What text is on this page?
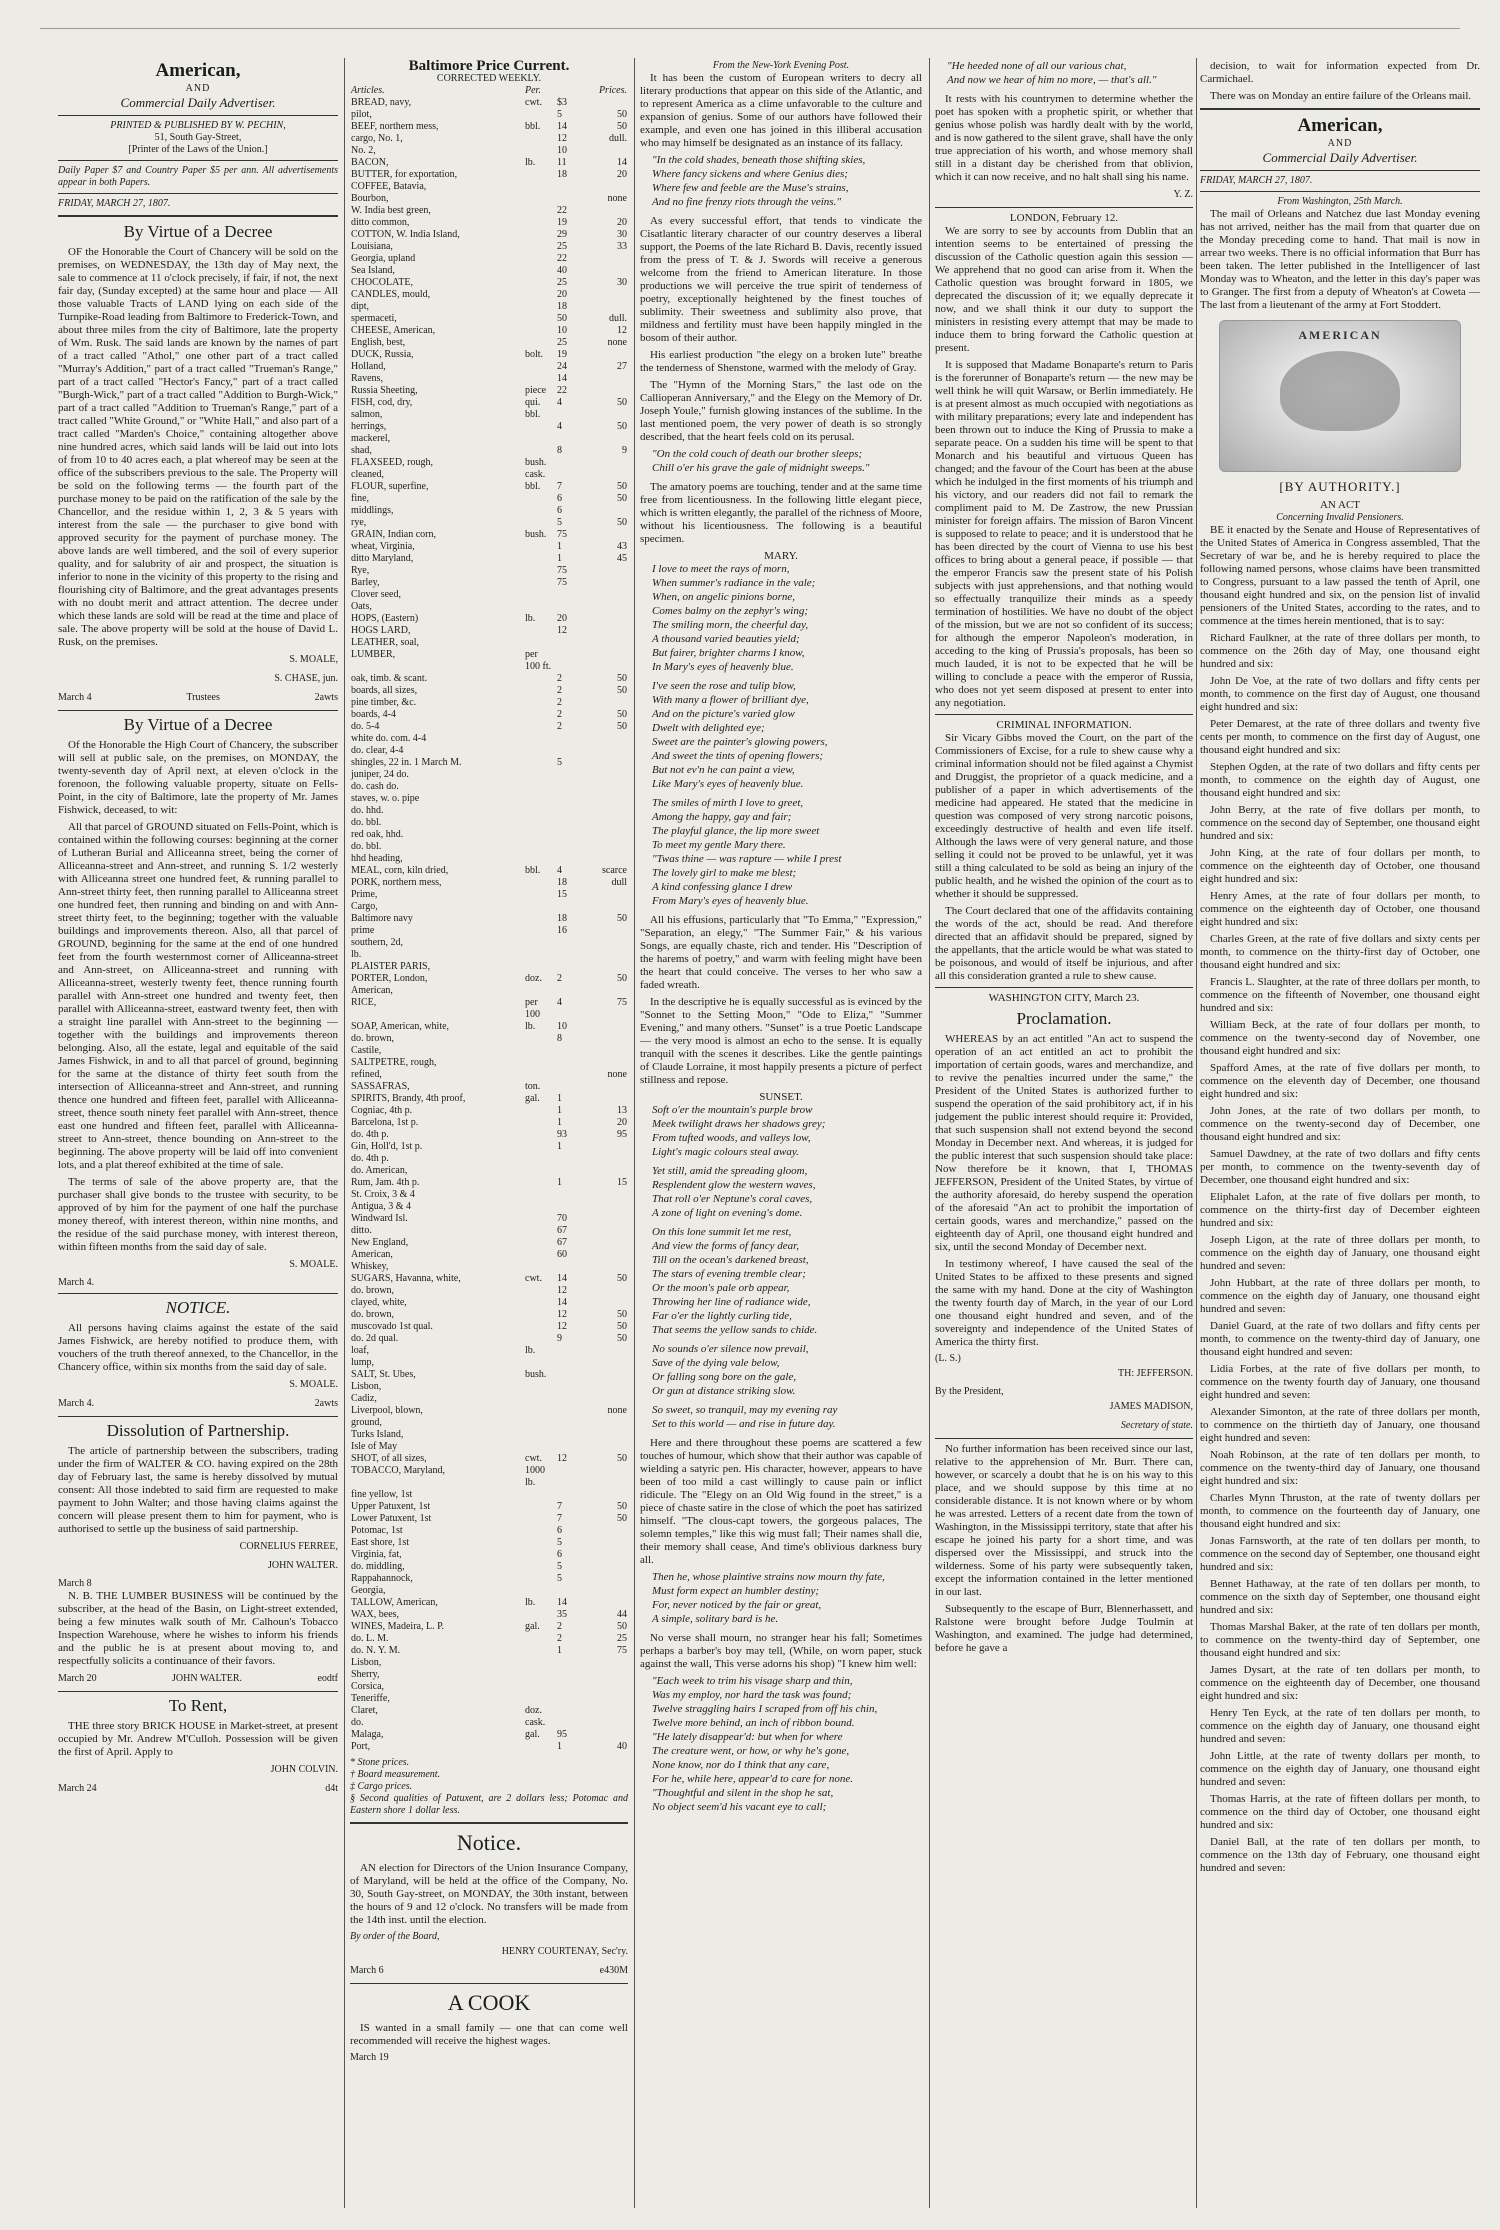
American,
AND
Commercial Daily Advertiser.
PRINTED & PUBLISHED BY W. PECHIN,
51, South Gay-Street,
[Printer of the Laws of the Union.]
Daily Paper $7 and Country Paper $5 per ann. All advertisements appear in both Papers.
FRIDAY, MARCH 27, 1807.
By Virtue of a Decree

OF the Honorable the Court of Chancery will be sold on the premises, on WEDNESDAY, the 13th day of May next, the sale to commence at 11 o'clock precisely, if fair, if not, the next fair day, (Sunday excepted) at the same hour and place — All those valuable Tracts of LAND lying on each side of the Turnpike-Road leading from Baltimore to Frederick-Town, and about three miles from the city of Baltimore, late the property of Wm. Rusk. The said lands are known by the names of part of a tract called "Athol," one other part of a tract called "Murray's Addition," part of a tract called "Trueman's Range," part of a tract called "Hector's Fancy," part of a tract called "Burgh-Wick," part of a tract called "Addition to Burgh-Wick," part of a tract called "Addition to Trueman's Range," part of a tract called "White Ground," or "White Hall," and also part of a tract called "Marden's Choice," containing altogether above nine hundred acres, which said lands will be laid out into lots of from 10 to 40 acres each, a plat whereof may be seen at the office of the subscribers previous to the sale. The Property will be sold on the following terms — the fourth part of the purchase money to be paid on the ratification of the sale by the Chancellor, and the residue within 1, 2, 3 & 5 years with interest from the sale — the purchaser to give bond with approved security for the payment of purchase money. The above lands are well timbered, and the soil of every superior quality, and for salubrity of air and prospect, the situation is inferior to none in the vicinity of this property to the rising and flourishing city of Baltimore, and the great advantages presents with no doubt merit and attract attention. The decree under which these lands are sold will be read at the time and place of sale. The above property will be sold at the house of David L. Rusk, on the premises.

S. MOALE,
S. CHASE, jun.
March 4	Trustees	2awts
By Virtue of a Decree

Of the Honorable the High Court of Chancery, the subscriber will sell at public sale, on the premises, on MONDAY, the twenty-seventh day of April next, at eleven o'clock in the forenoon, the following valuable property, situate on Fells-Point, in the city of Baltimore, late the property of Mr. James Fishwick, deceased, to wit:

All that parcel of GROUND situated on Fells-Point, which is contained within the following courses: beginning at the corner of Lutheran Burial and Alliceanna street, being the corner of Alliceanna-street and Ann-street, and running S. 1/2 westerly with Alliceanna street one hundred feet, & running parallel to Ann-street thirty feet, then running parallel to Alliceanna street one hundred feet, then running and binding on and with Ann-street thirty feet, to the beginning; together with the valuable buildings and improvements thereon. Also, all that parcel of GROUND, beginning for the same at the end of one hundred feet from the fourth westernmost corner of Alliceanna-street and Ann-street, on Alliceanna-street and running with Alliceanna-street, westerly twenty feet, thence running fourth parallel with Ann-street one hundred and twenty feet, then parallel with Alliceanna-street, eastward twenty feet, then with a straight line parallel with Ann-street to the beginning — together with the buildings and improvements thereon belonging. Also, all the estate, legal and equitable of the said James Fishwick, in and to all that parcel of ground, beginning for the same at the distance of thirty feet south from the intersection of Alliceanna-street and Ann-street, and running thence one hundred and fifteen feet, parallel with Alliceanna-street, thence south ninety feet parallel with Ann-street, thence east one hundred and fifteen feet, parallel with Alliceanna-street to Ann-street, thence bounding on Ann-street to the beginning. The above property will be laid off into convenient lots, and a plat thereof exhibited at the time of sale.

The terms of sale of the above property are, that the purchaser shall give bonds to the trustee with security, to be approved of by him for the payment of one half the purchase money thereof, with interest thereon, within nine months, and the residue of the said purchase money, with interest thereon, within fifteen months from the said day of sale.

S. MOALE.
March 4.
NOTICE.

All persons having claims against the estate of the said James Fishwick, are hereby notified to produce them, with vouchers of the truth thereof annexed, to the Chancellor, in the Chancery office, within six months from the said day of sale.

S. MOALE.
March 4.	2awts
Dissolution of Partnership.

The article of partnership between the subscribers, trading under the firm of WALTER & CO. having expired on the 28th day of February last, the same is hereby dissolved by mutual consent: All those indebted to said firm are requested to make payment to John Walter; and those having claims against the concern will please present them to him for payment, who is authorised to settle up the business of said partnership.

CORNELIUS FERREE,
JOHN WALTER.
March 8

N. B. THE LUMBER BUSINESS will be continued by the subscriber, at the head of the Basin, on Light-street extended, being a few minutes walk south of Mr. Calhoun's Tobacco Inspection Warehouse, where he wishes to inform his friends and the public he is at present about moving to, and respectfully solicits a continuance of their favors.

March 20	JOHN WALTER.	eodtf
To Rent,

THE three story BRICK HOUSE in Market-street, at present occupied by Mr. Andrew M'Culloh. Possession will be given the first of April. Apply to

JOHN COLVIN.
March 24	d4t
Baltimore Price Current.
CORRECTED WEEKLY.
Articles.	Per.	Prices.	
BREAD, navy,	cwt.	$3	
pilot,		5	50
BEEF, northern mess,	bbl.	14	50
cargo, No. 1,		12	dull.
No. 2,		10	
BACON,	lb.	11	14
BUTTER, for exportation,		18	20
COFFEE, Batavia,			
Bourbon,			none
W. India best green,		22	
ditto common,		19	20
COTTON, W. India Island,		29	30
Louisiana,		25	33
Georgia, upland		22	
Sea Island,		40	
CHOCOLATE,		25	30
CANDLES, mould,		20	
dipt,		18	
spermaceti,		50	dull.
CHEESE, American,		10	12
English, best,		25	none
DUCK, Russia,	bolt.	19	
Holland,		24	27
Ravens,		14	
Russia Sheeting,	piece	22	
FISH, cod, dry,	qui.	4	50
salmon,	bbl.		
herrings,		4	50
mackerel,			
shad,		8	9
FLAXSEED, rough,	bush.		
cleaned,	cask.		
FLOUR, superfine,	bbl.	7	50
fine,		6	50
middlings,		6	
rye,		5	50
GRAIN, Indian corn,	bush.	75	
wheat, Virginia,		1	43
ditto Maryland,		1	45
Rye,		75	
Barley,		75	
Clover seed,			
Oats,			
HOPS, (Eastern)	lb.	20	
HOGS LARD,		12	
LEATHER, soal,			
LUMBER,	per 100 ft.		
oak, timb. & scant.		2	50
boards, all sizes,		2	50
pine timber, &c.		2	
boards, 4-4		2	50
do. 5-4		2	50
white do. com. 4-4			
do. clear, 4-4			
shingles, 22 in. 1 March M.		5	
juniper, 24 do.			
do. cash do.			
staves, w. o. pipe			
do. hhd.			
do. bbl.			
red oak, hhd.			
do. bbl.			
hhd heading,			
MEAL, corn, kiln dried,	bbl.	4	scarce
PORK, northern mess,		18	dull
Prime,		15	
Cargo,			
Baltimore navy		18	50
prime		16	
southern, 2d,			
lb.			
PLAISTER PARIS,			
PORTER, London,	doz.	2	50
American,			
RICE,	per 100	4	75
SOAP, American, white,	lb.	10	
do. brown,		8	
Castile,			
SALTPETRE, rough,			
refined,			none
SASSAFRAS,	ton.		
SPIRITS, Brandy, 4th proof,	gal.	1	
Cogniac, 4th p.		1	13
Barcelona, 1st p.		1	20
do. 4th p.		93	95
Gin, Holl'd, 1st p.		1	
do. 4th p.			
do. American,			
Rum, Jam. 4th p.		1	15
St. Croix, 3 & 4			
Antigua, 3 & 4			
Windward Isl.		70	
ditto.		67	
New England,		67	
American,		60	
Whiskey,			
SUGARS, Havanna, white,	cwt.	14	50
do. brown,		12	
clayed, white,		14	
do. brown,		12	50
muscovado 1st qual.		12	50
do. 2d qual.		9	50
loaf,	lb.		
lump,			
SALT, St. Ubes,	bush.		
Lisbon,			
Cadiz,			
Liverpool, blown,			none
ground,			
Turks Island,			
Isle of May			
SHOT, of all sizes,	cwt.	12	50
TOBACCO, Maryland,	1000 lb.		
fine yellow, 1st			
Upper Patuxent, 1st		7	50
Lower Patuxent, 1st		7	50
Potomac, 1st		6	
East shore, 1st		5	
Virginia, fat,		6	
do. middling,		5	
Rappahannock,		5	
Georgia,			
TALLOW, American,	lb.	14	
WAX, bees,		35	44
WINES, Madeira, L. P.	gal.	2	50
do. L. M.		2	25
do. N. Y. M.		1	75
Lisbon,			
Sherry,			
Corsica,			
Teneriffe,			
Claret,	doz.		
do.	cask.		
Malaga,	gal.	95	
Port,		1	40
* Stone prices.
† Board measurement.
‡ Cargo prices.
§ Second qualities of Patuxent, are 2 dollars less; Potomac and Eastern shore 1 dollar less.
Notice.

AN election for Directors of the Union Insurance Company, of Maryland, will be held at the office of the Company, No. 30, South Gay-street, on MONDAY, the 30th instant, between the hours of 9 and 12 o'clock. No transfers will be made from the 14th inst. until the election.

By order of the Board,
HENRY COURTENAY, Sec'ry.
March 6	e430M
A COOK

IS wanted in a small family — one that can come well recommended will receive the highest wages.

March 19
From the New-York Evening Post.

It has been the custom of European writers to decry all literary productions that appear on this side of the Atlantic, and to represent America as a clime unfavorable to the culture and expansion of genius. Some of our authors have followed their example, and even one has joined in this illiberal accusation who may himself be designated as an instance of its fallacy.

"In the cold shades, beneath those shifting skies,

Where fancy sickens and where Genius dies;

Where few and feeble are the Muse's strains,

And no fine frenzy riots through the veins."

As every successful effort, that tends to vindicate the Cisatlantic literary character of our country deserves a liberal support, the Poems of the late Richard B. Davis, recently issued from the press of T. & J. Swords will receive a generous welcome from the friend to American literature. In those productions we will perceive the true spirit of tenderness of poetry, exceptionally heightened by the finest touches of sublimity. Their sweetness and sublimity also prove, that mildness and fertility must have been happily mingled in the bosom of their author.

His earliest production "the elegy on a broken lute" breathe the tenderness of Shenstone, warmed with the melody of Gray.

The "Hymn of the Morning Stars," the last ode on the Callioperan Anniversary," and the Elegy on the Memory of Dr. Joseph Youle," furnish glowing instances of the sublime. In the last mentioned poem, the very power of death is so strongly described, that the heart feels cold on its perusal.

"On the cold couch of death our brother sleeps;

Chill o'er his grave the gale of midnight sweeps."

The amatory poems are touching, tender and at the same time free from licentiousness. In the following little elegant piece, which is written elegantly, the parallel of the richness of Moore, without his licentiousness. The following is a beautiful specimen.

MARY.

I love to meet the rays of morn,

When summer's radiance in the vale;

When, on angelic pinions borne,

Comes balmy on the zephyr's wing;

The smiling morn, the cheerful day,

A thousand varied beauties yield;

But fairer, brighter charms I know,

In Mary's eyes of heavenly blue.

I've seen the rose and tulip blow,

With many a flower of brilliant dye,

And on the picture's varied glow

Dwelt with delighted eye;

Sweet are the painter's glowing powers,

And sweet the tints of opening flowers;

But not ev'n he can paint a view,

Like Mary's eyes of heavenly blue.

The smiles of mirth I love to greet,

Among the happy, gay and fair;

The playful glance, the lip more sweet

To meet my gentle Mary there.

"Twas thine — was rapture — while I prest

The lovely girl to make me blest;

A kind confessing glance I drew

From Mary's eyes of heavenly blue.

All his effusions, particularly that "To Emma," "Expression," "Separation, an elegy," "The Summer Fair," & his various Songs, are equally chaste, rich and tender. His "Description of the harems of poetry," and warm with feeling might have been the heart that could conceive. The verses to her who saw a faded wreath.

In the descriptive he is equally successful as is evinced by the "Sonnet to the Setting Moon," "Ode to Eliza," "Summer Evening," and many others. "Sunset" is a true Poetic Landscape — the very mood is almost an echo to the sense. It is equally tranquil with the scenes it describes. Like the gentle paintings of Claude Lorraine, it most happily presents a picture of perfect stillness and repose.

SUNSET.

Soft o'er the mountain's purple brow

Meek twilight draws her shadows grey;

From tufted woods, and valleys low,

Light's magic colours steal away.

Yet still, amid the spreading gloom,

Resplendent glow the western waves,

That roll o'er Neptune's coral caves,

A zone of light on evening's dome.

On this lone summit let me rest,

And view the forms of fancy dear,

Till on the ocean's darkened breast,

The stars of evening tremble clear;

Or the moon's pale orb appear,

Throwing her line of radiance wide,

Far o'er the lightly curling tide,

That seems the yellow sands to chide.

No sounds o'er silence now prevail,

Save of the dying vale below,

Or falling song bore on the gale,

Or gun at distance striking slow.

So sweet, so tranquil, may my evening ray

Set to this world — and rise in future day.

Here and there throughout these poems are scattered a few touches of humour, which show that their author was capable of wielding a satyric pen. His character, however, appears to have been of too mild a cast willingly to cause pain or inflict ridicule. The "Elegy on an Old Wig found in the street," is a piece of chaste satire in the close of which the poet has satirized himself. "The clous-capt towers, the gorgeous palaces, The solemn temples," like this wig must fall; Their names shall die, their memory shall cease, And time's oblivious darkness bury all.

Then he, whose plaintive strains now mourn thy fate,

Must form expect an humbler destiny;

For, never noticed by the fair or great,

A simple, solitary bard is he.

No verse shall mourn, no stranger hear his fall; Sometimes perhaps a barber's boy may tell, (While, on worn paper, stuck against the wall, This verse adorns his shop) "I knew him well:

"Each week to trim his visage sharp and thin,

Was my employ, nor hard the task was found;

Twelve straggling hairs I scraped from off his chin,

Twelve more behind, an inch of ribbon bound.

"He lately disappear'd: but when for where

The creature went, or how, or why he's gone,

None know, nor do I think that any care,

For he, while here, appear'd to care for none.

"Thoughtful and silent in the shop he sat,

No object seem'd his vacant eye to call;

"He heeded none of all our various chat,

And now we hear of him no more, — that's all."

It rests with his countrymen to determine whether the poet has spoken with a prophetic spirit, or whether that genius whose polish was hardly dealt with by the world, and is now gathered to the silent grave, shall have the only true appreciation of his worth, and whose memory shall still in a distant day be cherished from that oblivion, which it can now receive, and no halt shall sing his name.

Y. Z.
LONDON, February 12.

We are sorry to see by accounts from Dublin that an intention seems to be entertained of pressing the discussion of the Catholic question again this session — We apprehend that no good can arise from it. When the Catholic question was brought forward in 1805, we deprecated the discussion of it; we equally deprecate it now, and we shall think it our duty to support the ministers in resisting every attempt that may be made to induce them to bring forward the Catholic question at present.

It is supposed that Madame Bonaparte's return to Paris is the forerunner of Bonaparte's return — the new may be well think he will quit Warsaw, or Berlin immediately. He is at present almost as much occupied with negotiations as with military preparations; every late and independent has been thrown out to induce the King of Prussia to make a separate peace. On a sudden his time will be spent to that Monarch and his beautiful and virtuous Queen has changed; and the favour of the Court has been at the abuse which he indulged in the first moments of his triumph and his victory, and our readers did not fail to remark the compliment paid to M. De Zastrow, the new Prussian minister for foreign affairs. The mission of Baron Vincent is supposed to relate to peace; and it is understood that he has been directed by the court of Vienna to use his best offices to bring about a general peace, if possible — that the emperor Francis saw the present state of his Polish subjects with just apprehensions, and that nothing would so effectually tranquilize their minds as a speedy termination of hostilities. We have no doubt of the object of the mission, but we are not so confident of its success; for although the emperor Napoleon's moderation, in acceding to the king of Prussia's proposals, has been so much lauded, it is not to be expected that he will be willing to conclude a peace with the emperor of Russia, who does not yet seem disposed at present to enter into any negotiation.

CRIMINAL INFORMATION.

Sir Vicary Gibbs moved the Court, on the part of the Commissioners of Excise, for a rule to shew cause why a criminal information should not be filed against a Chymist and Druggist, the proprietor of a quack medicine, and a publisher of a paper in which advertisements of the medicine had appeared. He stated that the medicine in question was composed of very strong narcotic poisons, exceedingly destructive of health and even life itself. Although the laws were of very general nature, and those selling it could not be proved to be unlawful, yet it was still a thing calculated to be sold as being an injury of the public health, and he wished the opinion of the court as to whether it should be suppressed.

The Court declared that one of the affidavits containing the words of the act, should be read. And therefore directed that an affidavit should be prepared, signed by the appellants, that the article would be what was stated to be poisonous, and would of itself be injurious, and after all this consideration granted a rule to shew cause.

WASHINGTON CITY, March 23.
Proclamation.

WHEREAS by an act entitled "An act to suspend the operation of an act entitled an act to prohibit the importation of certain goods, wares and merchandize, and to revive the penalties incurred under the same," the President of the United States is authorized further to suspend the operation of the said prohibitory act, if in his judgement the public interest should require it: Provided, that such suspension shall not extend beyond the second Monday in December next. And whereas, it is judged for the public interest that such suspension should take place: Now therefore be it known, that I, THOMAS JEFFERSON, President of the United States, by virtue of the authority aforesaid, do hereby suspend the operation of the aforesaid "An act to prohibit the importation of certain goods, wares and merchandize," passed on the eighteenth day of April, one thousand eight hundred and six, until the second Monday of December next.

In testimony whereof, I have caused the seal of the United States to be affixed to these presents and signed the same with my hand. Done at the city of Washington the twenty fourth day of March, in the year of our Lord one thousand eight hundred and seven, and of the sovereignty and independence of the United States of America the thirty first.

(L. S.)
TH: JEFFERSON.
By the President,
JAMES MADISON,
Secretary of state.

No further information has been received since our last, relative to the apprehension of Mr. Burr. There can, however, or scarcely a doubt that he is on his way to this place, and we should suppose by this time at no considerable distance. It is not known where or by whom he was arrested. Letters of a recent date from the town of Washington, in the Mississippi territory, state that after his escape he joined his party for a short time, and was dispersed over the Mississippi, and struck into the wilderness. Some of his party were subsequently taken, except the information contained in the letter mentioned in our last.

Subsequently to the escape of Burr, Blennerhassett, and Ralstone were brought before Judge Toulmin at Washington, and examined. The judge had determined, before he gave a

decision, to wait for information expected from Dr. Carmichael.

There was on Monday an entire failure of the Orleans mail.

American,
AND
Commercial Daily Advertiser.
FRIDAY, MARCH 27, 1807.
From Washington, 25th March.

The mail of Orleans and Natchez due last Monday evening has not arrived, neither has the mail from that quarter due on the Monday preceding come to hand. That mail is now in arrear two weeks. There is no official information that Burr has been taken. The letter published in the Intelligencer of last Monday was to Wheaton, and the letter in this day's paper was to Granger. The first from a deputy of Wheaton's at Coweta — The last from a lieutenant of the army at Fort Stoddert.

AMERICAN
[BY AUTHORITY.]
AN ACT
Concerning Invalid Pensioners.

BE it enacted by the Senate and House of Representatives of the United States of America in Congress assembled, That the Secretary of war be, and he is hereby required to place the following named persons, whose claims have been transmitted to Congress, pursuant to a law passed the tenth of April, one thousand eight hundred and six, on the pension list of invalid pensioners of the United States, according to the rates, and to commence at the times herein mentioned, that is to say:

Richard Faulkner, at the rate of three dollars per month, to commence on the 26th day of May, one thousand eight hundred and six:

John De Voe, at the rate of two dollars and fifty cents per month, to commence on the first day of August, one thousand eight hundred and six:

Peter Demarest, at the rate of three dollars and twenty five cents per month, to commence on the first day of August, one thousand eight hundred and six:

Stephen Ogden, at the rate of two dollars and fifty cents per month, to commence on the eighth day of August, one thousand eight hundred and six:

John Berry, at the rate of five dollars per month, to commence on the second day of September, one thousand eight hundred and six:

John King, at the rate of four dollars per month, to commence on the eighteenth day of October, one thousand eight hundred and six:

Henry Ames, at the rate of four dollars per month, to commence on the eighteenth day of October, one thousand eight hundred and six:

Charles Green, at the rate of five dollars and sixty cents per month, to commence on the thirty-first day of October, one thousand eight hundred and six:

Francis L. Slaughter, at the rate of three dollars per month, to commence on the fifteenth of November, one thousand eight hundred and six:

William Beck, at the rate of four dollars per month, to commence on the twenty-second day of November, one thousand eight hundred and six:

Spafford Ames, at the rate of five dollars per month, to commence on the eleventh day of December, one thousand eight hundred and six:

John Jones, at the rate of two dollars per month, to commence on the twenty-second day of December, one thousand eight hundred and six:

Samuel Dawdney, at the rate of two dollars and fifty cents per month, to commence on the twenty-seventh day of December, one thousand eight hundred and six:

Eliphalet Lafon, at the rate of five dollars per month, to commence on the thirty-first day of December eighteen hundred and six:

Joseph Ligon, at the rate of three dollars per month, to commence on the eighth day of January, one thousand eight hundred and seven:

John Hubbart, at the rate of three dollars per month, to commence on the eighth day of January, one thousand eight hundred and seven:

Daniel Guard, at the rate of two dollars and fifty cents per month, to commence on the twenty-third day of January, one thousand eight hundred and seven:

Lidia Forbes, at the rate of five dollars per month, to commence on the twenty fourth day of January, one thousand eight hundred and seven:

Alexander Simonton, at the rate of three dollars per month, to commence on the thirtieth day of January, one thousand eight hundred and seven:

Noah Robinson, at the rate of ten dollars per month, to commence on the twenty-third day of January, one thousand eight hundred and six:

Charles Mynn Thruston, at the rate of twenty dollars per month, to commence on the fourteenth day of January, one thousand eight hundred and six:

Jonas Farnsworth, at the rate of ten dollars per month, to commence on the second day of September, one thousand eight hundred and six:

Bennet Hathaway, at the rate of ten dollars per month, to commence on the sixth day of September, one thousand eight hundred and six:

Thomas Marshal Baker, at the rate of ten dollars per month, to commence on the twenty-third day of September, one thousand eight hundred and six:

James Dysart, at the rate of ten dollars per month, to commence on the eighteenth day of December, one thousand eight hundred and six:

Henry Ten Eyck, at the rate of ten dollars per month, to commence on the eighth day of January, one thousand eight hundred and seven:

John Little, at the rate of twenty dollars per month, to commence on the eighth day of January, one thousand eight hundred and seven:

Thomas Harris, at the rate of fifteen dollars per month, to commence on the third day of October, one thousand eight hundred and six:

Daniel Ball, at the rate of ten dollars per month, to commence on the 13th day of February, one thousand eight hundred and seven:
